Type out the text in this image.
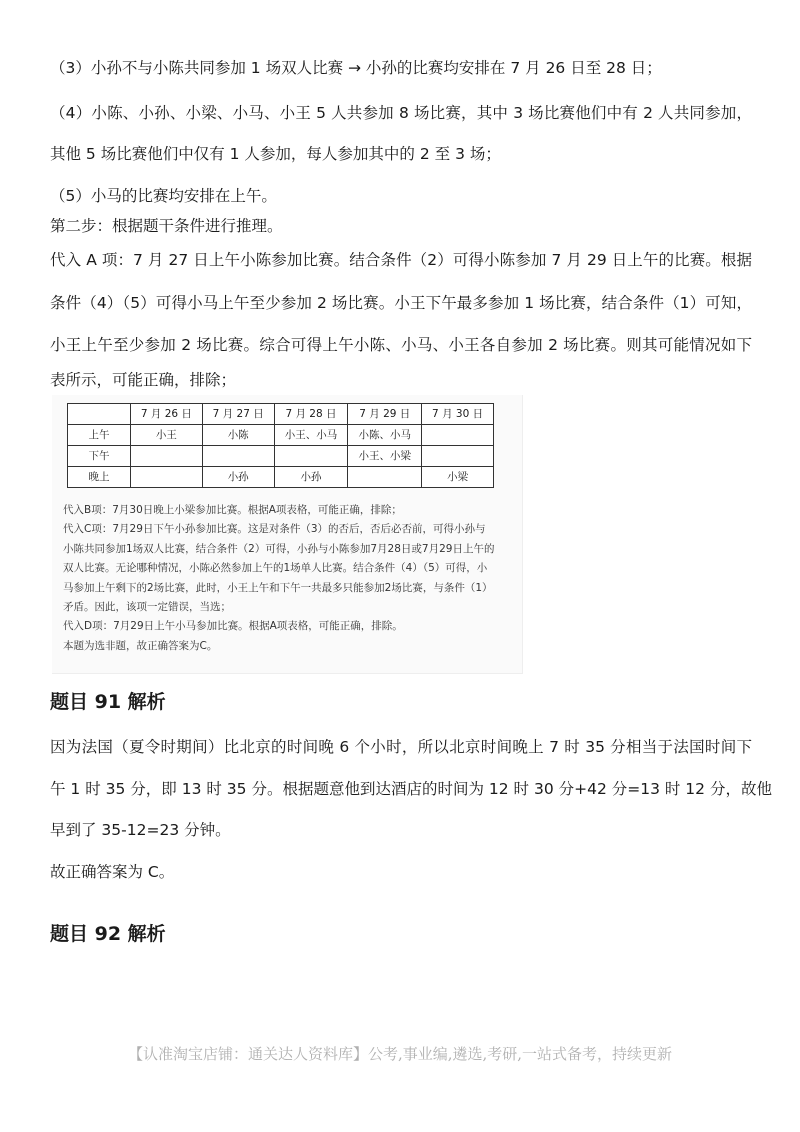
（3）小孙不与小陈共同参加 1 场双人比赛 → 小孙的比赛均安排在 7 月 26 日至 28 日；

（4）小陈、小孙、小梁、小马、小王 5 人共参加 8 场比赛，其中 3 场比赛他们中有 2 人共同参加，

其他 5 场比赛他们中仅有 1 人参加，每人参加其中的 2 至 3 场；

（5）小马的比赛均安排在上午。

第二步：根据题干条件进行推理。

代入 A 项：7 月 27 日上午小陈参加比赛。结合条件（2）可得小陈参加 7 月 29 日上午的比赛。根据

条件（4）（5）可得小马上午至少参加 2 场比赛。小王下午最多参加 1 场比赛，结合条件（1）可知，

小王上午至少参加 2 场比赛。综合可得上午小陈、小马、小王各自参加 2 场比赛。则其可能情况如下

表所示，可能正确，排除；

	7 月 26 日	7 月 27 日	7 月 28 日	7 月 29 日	7 月 30 日
上午	小王	小陈	小王、小马	小陈、小马	
下午				小王、小梁	
晚上		小孙	小孙		小梁
代入B项：7月30日晚上小梁参加比赛。根据A项表格，可能正确，排除；
代入C项：7月29日下午小孙参加比赛。这是对条件（3）的否后，否后必否前，可得小孙与
小陈共同参加1场双人比赛，结合条件（2）可得，小孙与小陈参加7月28日或7月29日上午的
双人比赛。无论哪种情况，小陈必然参加上午的1场单人比赛。结合条件（4）（5）可得，小
马参加上午剩下的2场比赛，此时，小王上午和下午一共最多只能参加2场比赛，与条件（1）
矛盾。因此，该项一定错误，当选；
代入D项：7月29日上午小马参加比赛。根据A项表格，可能正确，排除。
本题为选非题，故正确答案为C。
题目 91 解析

因为法国（夏令时期间）比北京的时间晚 6 个小时，所以北京时间晚上 7 时 35 分相当于法国时间下

午 1 时 35 分，即 13 时 35 分。根据题意他到达酒店的时间为 12 时 30 分+42 分=13 时 12 分，故他

早到了 35-12=23 分钟。

故正确答案为 C。

题目 92 解析
【认准淘宝店铺：通关达人资料库】公考,事业编,遴选,考研,一站式备考，持续更新
